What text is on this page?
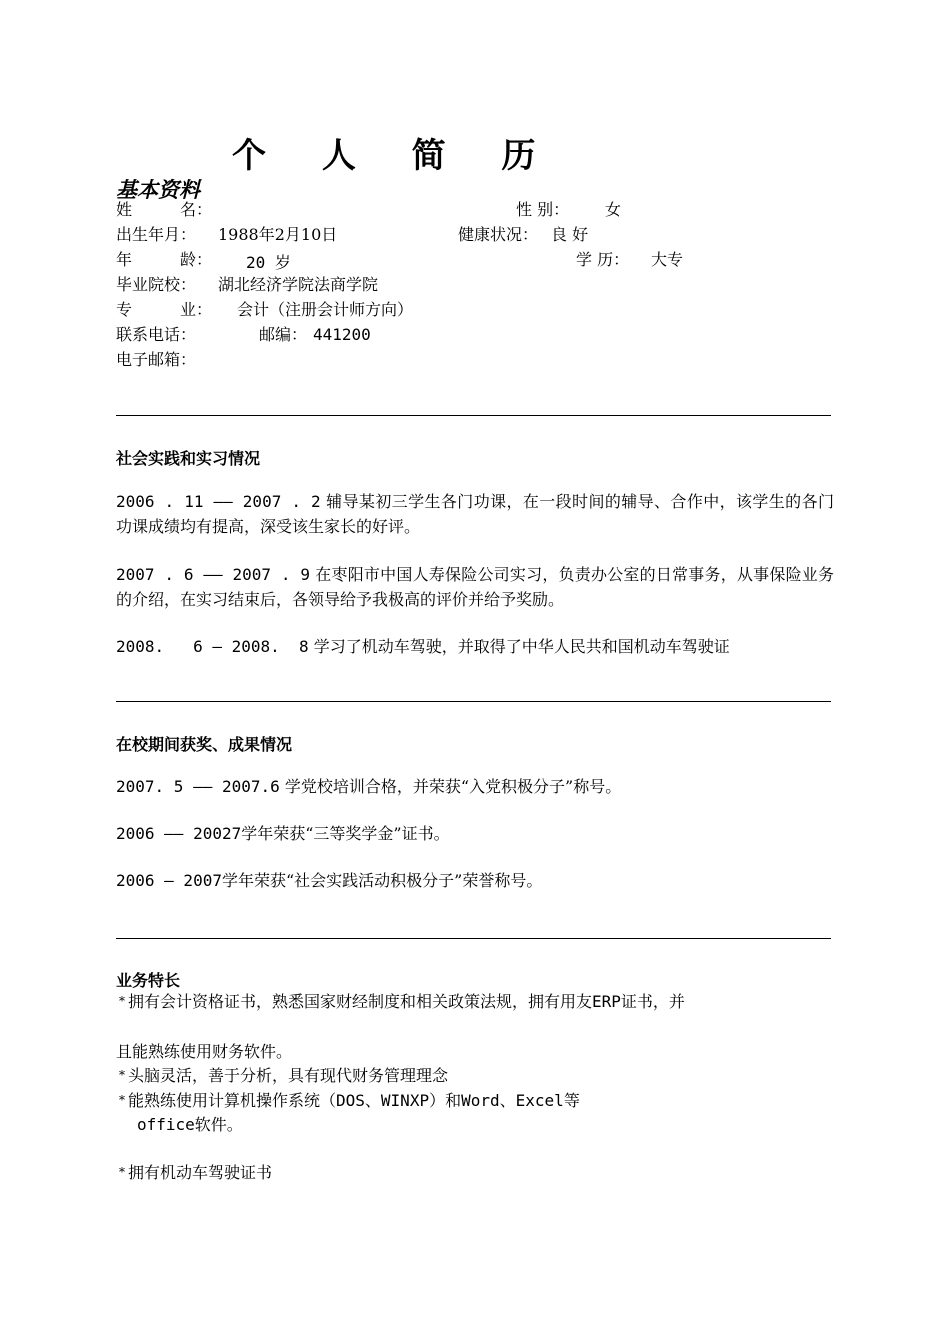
个 人 简 历
基本资料
姓　　　名：	性 别： 女
出生年月： 1988年2月10日	健康状况： 良 好
年　　　龄： 20 岁	学 历： 大专
毕业院校： 湖北经济学院法商学院
专　　　业： 会计（注册会计师方向）
联系电话：	邮编： 441200
电子邮箱：
社会实践和实习情况
2006 . 11 —— 2007 . 2 辅导某初三学生各门功课，在一段时间的辅导、合作中，该学生的各门功课成绩均有提高，深受该生家长的好评。
2007 . 6 —— 2007 . 9 在枣阳市中国人寿保险公司实习，负责办公室的日常事务，从事保险业务的介绍，在实习结束后，各领导给予我极高的评价并给予奖励。
2008.   6 — 2008.  8 学习了机动车驾驶，并取得了中华人民共和国机动车驾驶证
在校期间获奖、成果情况
2007. 5 —— 2007.6 学党校培训合格，并荣获“入党积极分子”称号。
2006 —— 20027学年荣获“三等奖学金”证书。
2006 — 2007学年荣获“社会实践活动积极分子”荣誉称号。
业务特长
* 拥有会计资格证书，熟悉国家财经制度和相关政策法规，拥有用友ERP证书，并
且能熟练使用财务软件。
* 头脑灵活，善于分析，具有现代财务管理理念
* 能熟练使用计算机操作系统（DOS、WINXP）和Word、Excel等
office软件。
* 拥有机动车驾驶证书
